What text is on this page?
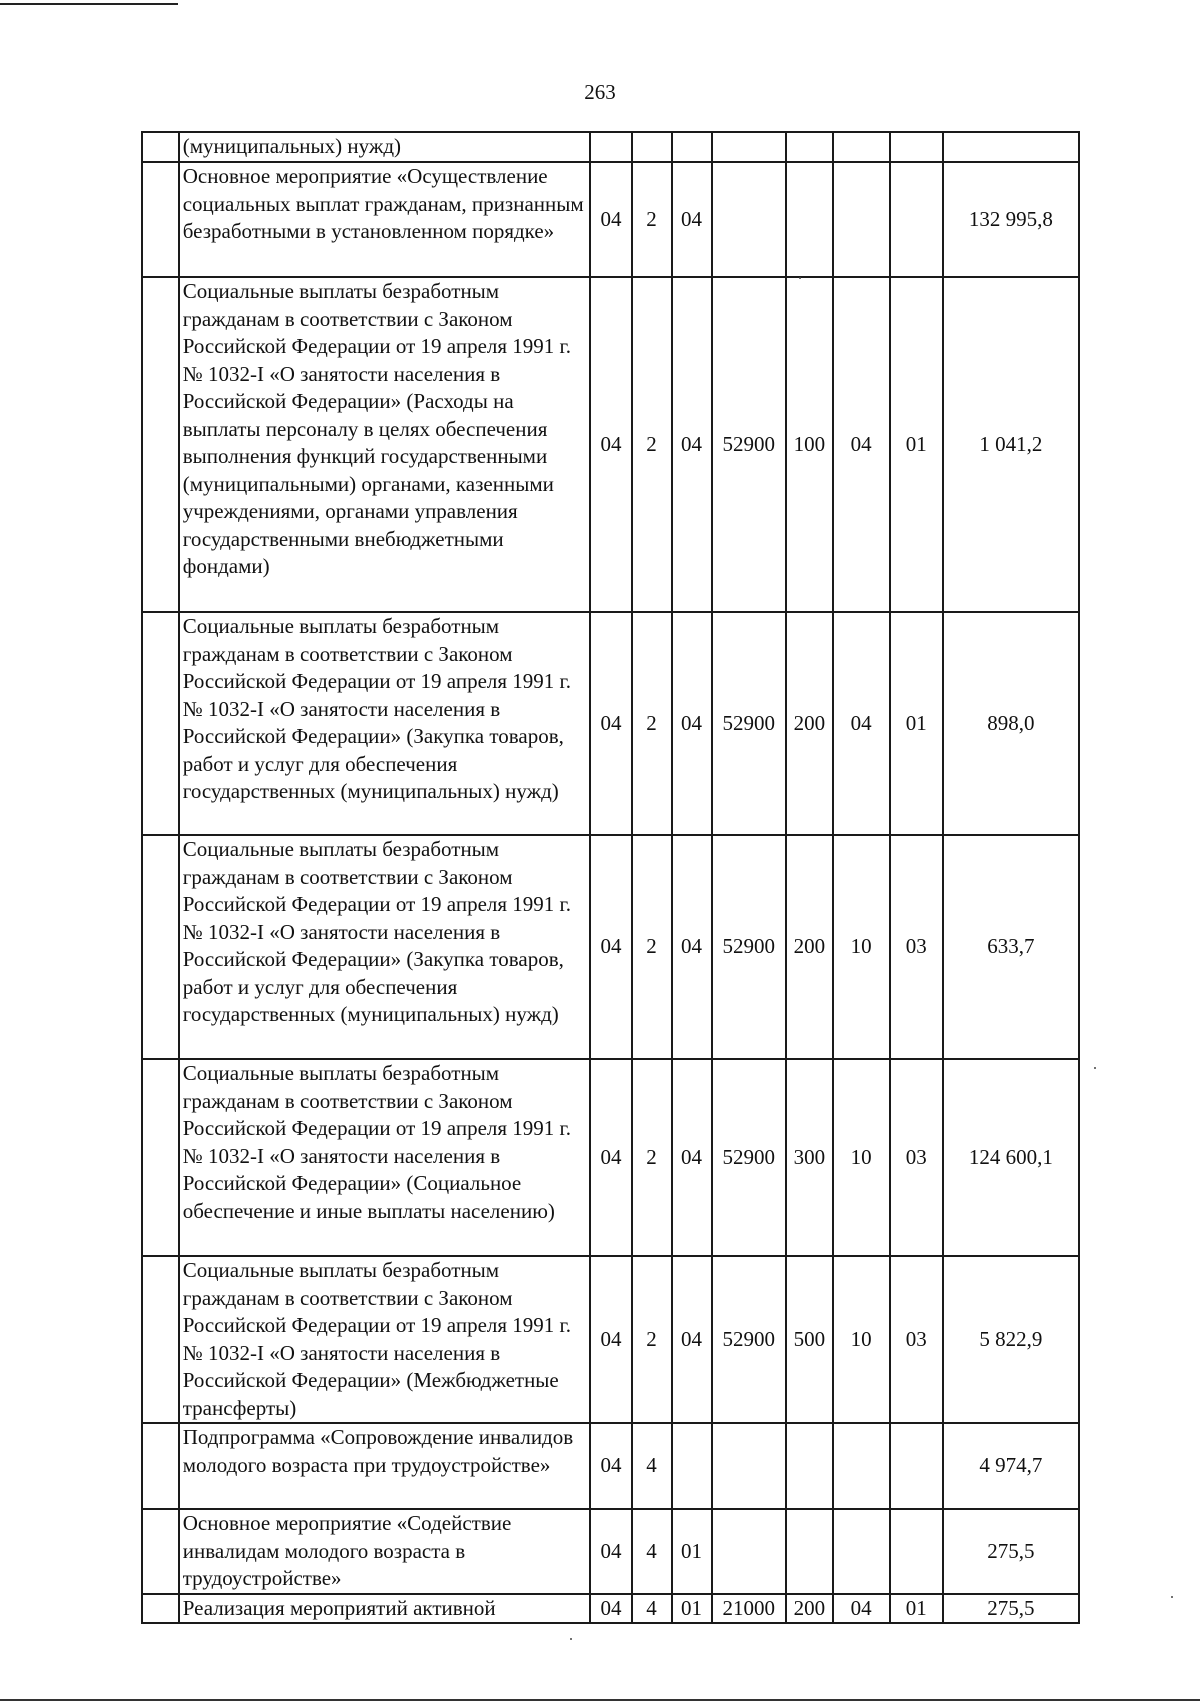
263
	(муниципальных) нужд)								
	Основное мероприятие «Осуществление социальных выплат гражданам, признанным безработными в установленном порядке»	04	2	04					132 995,8
	Социальные выплаты безработным гражданам в соответствии с Законом Российской Федерации от 19 апреля 1991 г. № 1032-I «О занятости населения в Российской Федерации» (Расходы на выплаты персоналу в целях обеспечения выполнения функций государственными (муниципальными) органами, казенными учреждениями, органами управления государственными внебюджетными фондами)	04	2	04	52900	100	04	01	1 041,2
	Социальные выплаты безработным гражданам в соответствии с Законом Российской Федерации от 19 апреля 1991 г. № 1032-I «О занятости населения в Российской Федерации» (Закупка товаров, работ и услуг для обеспечения государственных (муниципальных) нужд)	04	2	04	52900	200	04	01	898,0
	Социальные выплаты безработным гражданам в соответствии с Законом Российской Федерации от 19 апреля 1991 г. № 1032-I «О занятости населения в Российской Федерации» (Закупка товаров, работ и услуг для обеспечения государственных (муниципальных) нужд)	04	2	04	52900	200	10	03	633,7
	Социальные выплаты безработным гражданам в соответствии с Законом Российской Федерации от 19 апреля 1991 г. № 1032-I «О занятости населения в Российской Федерации» (Социальное обеспечение и иные выплаты населению)	04	2	04	52900	300	10	03	124 600,1
	Социальные выплаты безработным гражданам в соответствии с Законом Российской Федерации от 19 апреля 1991 г. № 1032-I «О занятости населения в Российской Федерации» (Межбюджетные трансферты)	04	2	04	52900	500	10	03	5 822,9
	Подпрограмма «Сопровождение инвалидов молодого возраста при трудоустройстве»	04	4						4 974,7
	Основное мероприятие «Содействие инвалидам молодого возраста в трудоустройстве»	04	4	01					275,5
	Реализация мероприятий активной	04	4	01	21000	200	04	01	275,5
